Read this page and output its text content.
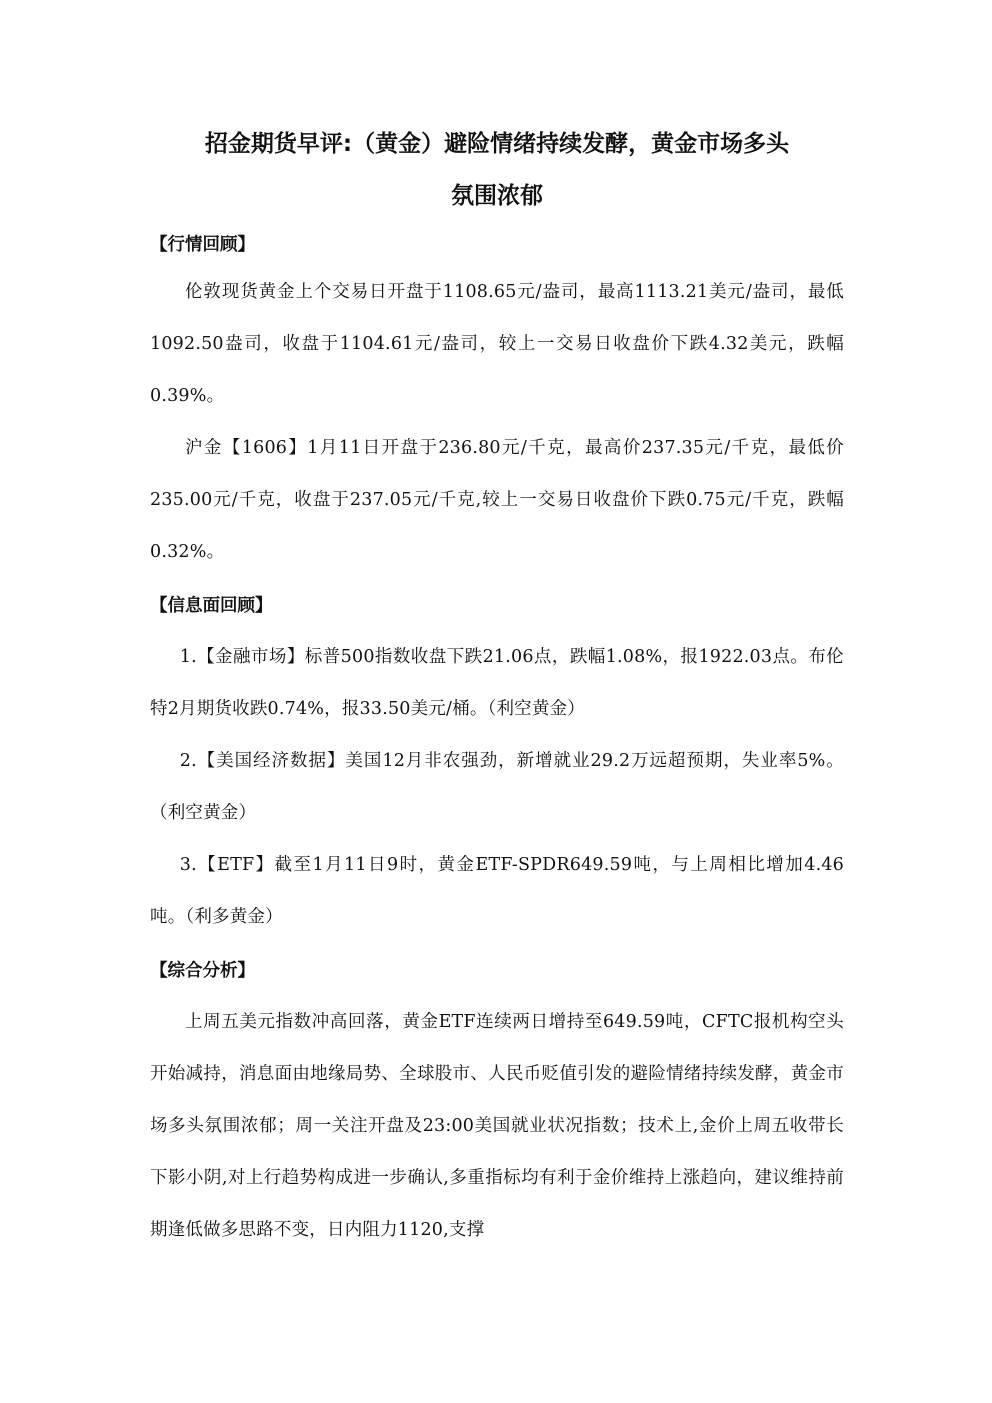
招金期货早评:（黄金）避险情绪持续发酵，黄金市场多头
氛围浓郁
【行情回顾】

伦敦现货黄金上个交易日开盘于1108.65元/盎司，最高1113.21美元/盎司，最低1092.50盎司，收盘于1104.61元/盎司，较上一交易日收盘价下跌4.32美元，跌幅0.39%。

沪金【1606】1月11日开盘于236.80元/千克，最高价237.35元/千克，最低价235.00元/千克，收盘于237.05元/千克,较上一交易日收盘价下跌0.75元/千克，跌幅0.32%。

【信息面回顾】

1.【金融市场】标普500指数收盘下跌21.06点，跌幅1.08%，报1922.03点。布伦特2月期货收跌0.74%，报33.50美元/桶。（利空黄金）

2.【美国经济数据】美国12月非农强劲，新增就业29.2万远超预期，失业率5%。（利空黄金）

3.【ETF】截至1月11日9时，黄金ETF-SPDR649.59吨，与上周相比增加4.46吨。（利多黄金）

【综合分析】

上周五美元指数冲高回落，黄金ETF连续两日增持至649.59吨，CFTC报机构空头开始减持，消息面由地缘局势、全球股市、人民币贬值引发的避险情绪持续发酵，黄金市场多头氛围浓郁；周一关注开盘及23:00美国就业状况指数；技术上,金价上周五收带长下影小阴,对上行趋势构成进一步确认,多重指标均有利于金价维持上涨趋向，建议维持前期逢低做多思路不变，日内阻力1120,支撑
